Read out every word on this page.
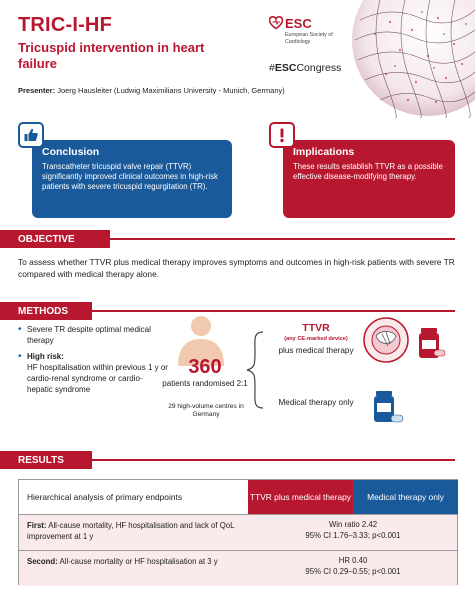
TRIC-I-HF
Tricuspid intervention in heart failure
Presenter: Joerg Hausleiter (Ludwig Maximilians University - Munich, Germany)
ESC
European Society of Cardiology
#ESCCongress
Conclusion

Transcatheter tricuspid valve repair (TTVR) significantly improved clinical outcomes in high-risk patients with severe tricuspid regurgitation (TR).

Implications

These results establish TTVR as a possible effective disease-modifying therapy.

OBJECTIVE
To assess whether TTVR plus medical therapy improves symptoms and outcomes in high-risk patients with severe TR compared with medical therapy alone.
METHODS
• Severe TR despite optimal medical therapy
• High risk:
HF hospitalisation within previous 1 y or cardio-renal syndrome or cardio-hepatic syndrome
360
patients randomised 2:1
29 high-volume centres in Germany
TTVR
(any CE-marked device)
plus medical therapy
Medical therapy only
RESULTS
Hierarchical analysis of primary endpoints	TTVR plus medical therapy	Medical therapy only
First: All-cause mortality, HF hospitalisation and lack of QoL improvement at 1 y
Win ratio 2.42
95% CI 1.76–3.33; p<0.001
Second: All-cause mortality or HF hospitalisation at 3 y	HR 0.40
95% CI 0.29–0.55; p<0.001
